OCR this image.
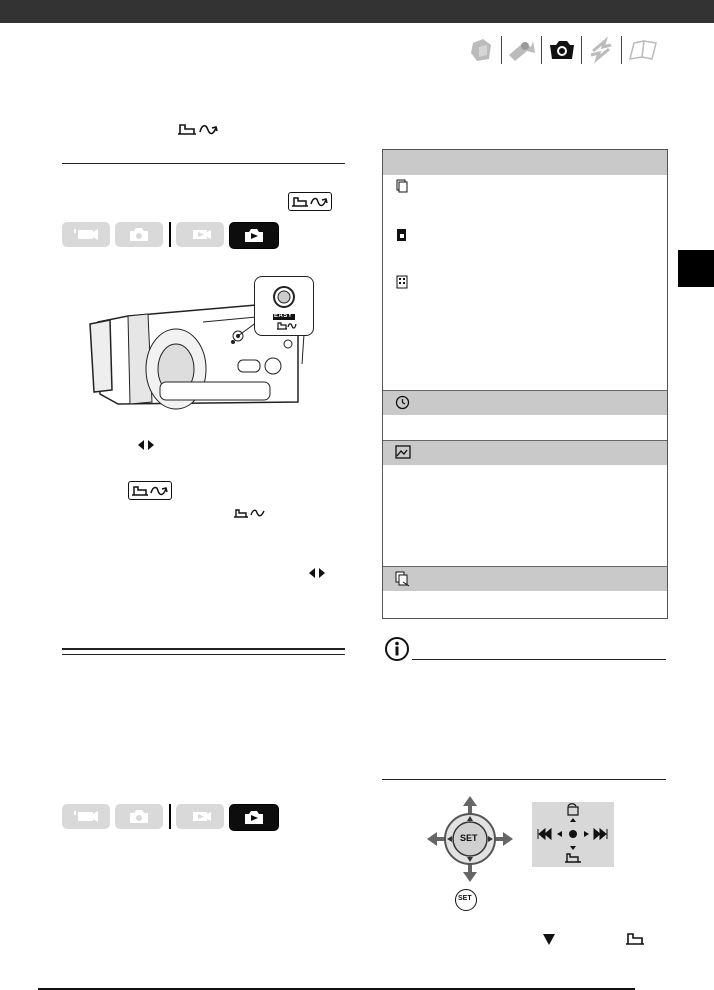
EASY
SET
SET
